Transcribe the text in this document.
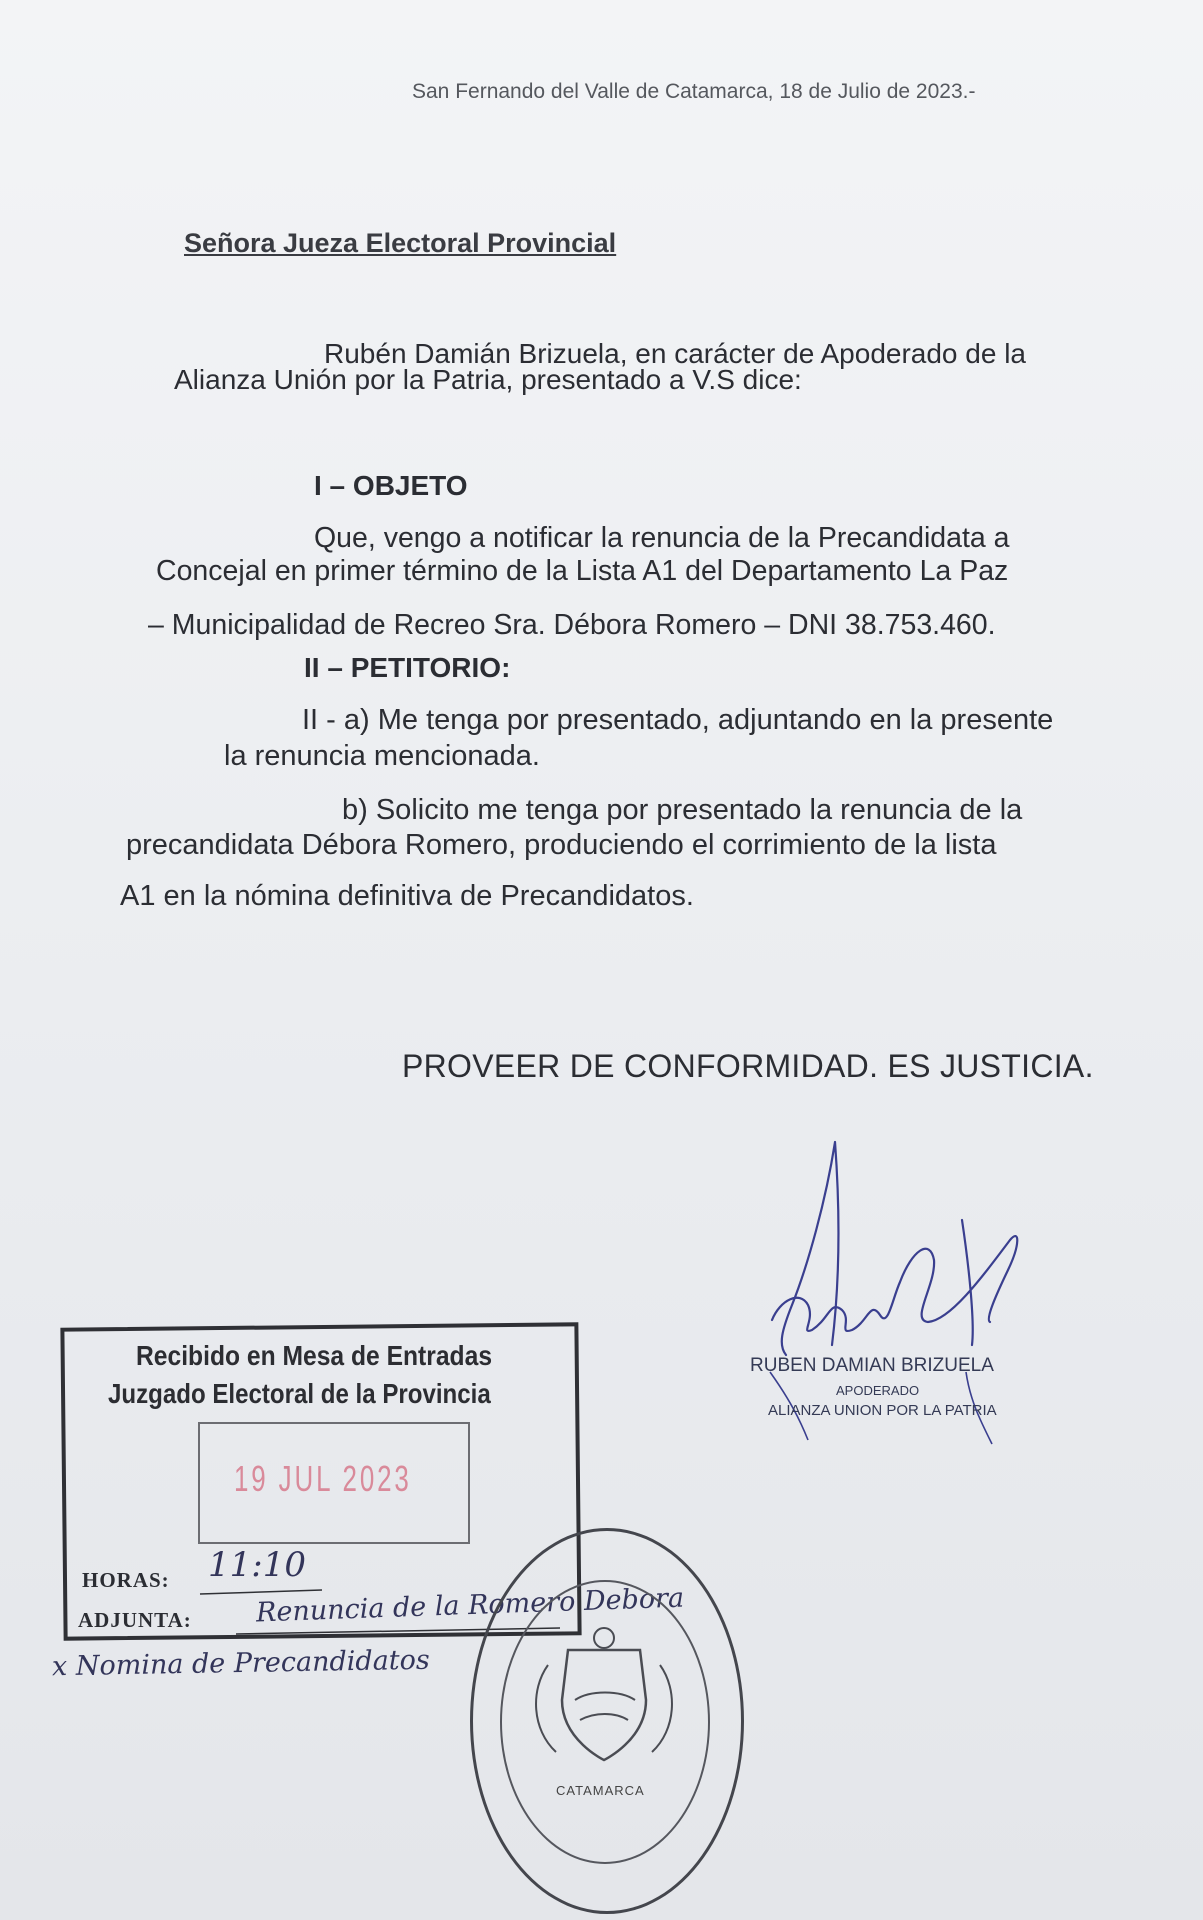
San Fernando del Valle de Catamarca, 18 de Julio de 2023.-
Señora Jueza Electoral Provincial
Rubén Damián Brizuela, en carácter de Apoderado de la
Alianza Unión por la Patria, presentado a V.S dice:
I – OBJETO
Que, vengo a notificar la renuncia de la Precandidata a
Concejal en primer término de la Lista A1 del Departamento La Paz
– Municipalidad de Recreo Sra. Débora Romero – DNI 38.753.460.
II – PETITORIO:
II - a) Me tenga por presentado, adjuntando en la presente
la renuncia mencionada.
b) Solicito me tenga por presentado la renuncia de la
precandidata Débora Romero, produciendo el corrimiento de la lista
A1 en la nómina definitiva de Precandidatos.
PROVEER DE CONFORMIDAD. ES JUSTICIA.
RUBEN DAMIAN BRIZUELA
APODERADO
ALIANZA UNION POR LA PATRIA
Recibido en Mesa de Entradas
Juzgado Electoral de la Provincia
19 JUL 2023
HORAS: 11:10
ADJUNTA: Renuncia de la Romero Debora
x Nomina de Precandidatos
CATAMARCA
